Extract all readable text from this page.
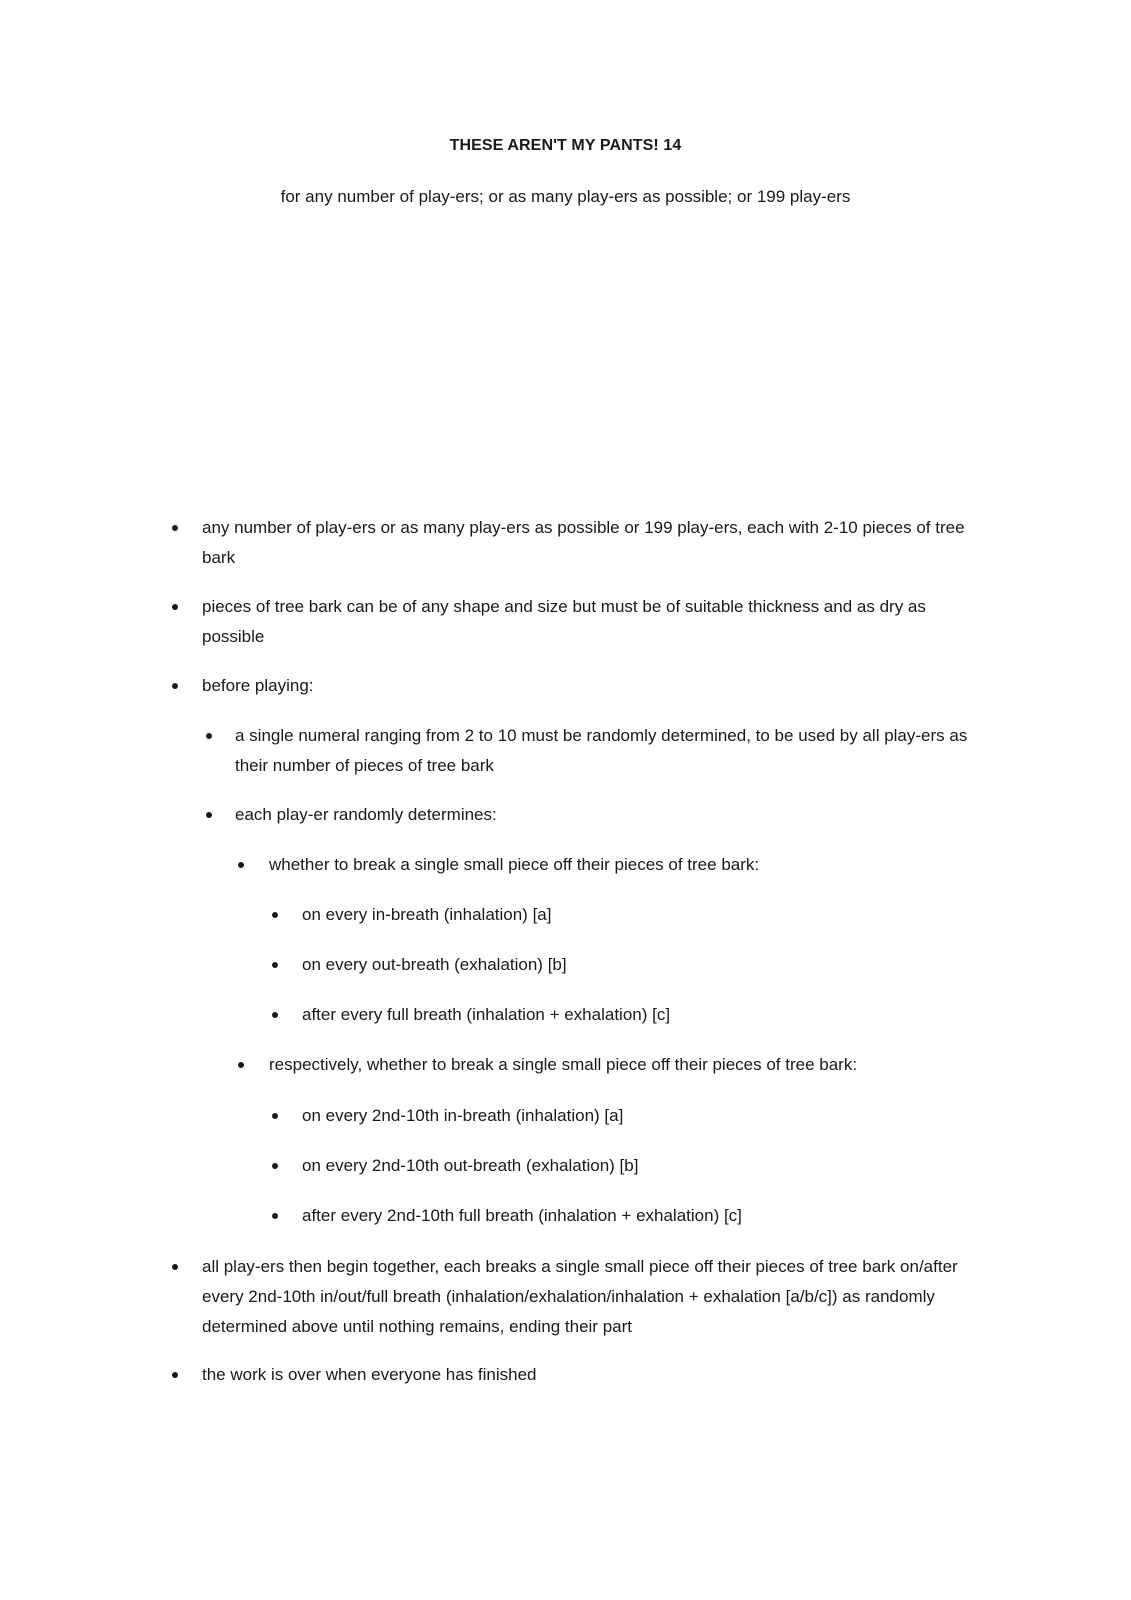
THESE AREN'T MY PANTS! 14
for any number of play-ers; or as many play-ers as possible; or 199 play-ers
any number of play-ers or as many play-ers as possible or 199 play-ers, each with 2-10 pieces of tree bark
pieces of tree bark can be of any shape and size but must be of suitable thickness and as dry as possible
before playing:
a single numeral ranging from 2 to 10 must be randomly determined, to be used by all play-ers as their number of pieces of tree bark
each play-er randomly determines:
whether to break a single small piece off their pieces of tree bark:
on every in-breath (inhalation) [a]
on every out-breath (exhalation) [b]
after every full breath (inhalation + exhalation) [c]
respectively, whether to break a single small piece off their pieces of tree bark:
on every 2nd-10th in-breath (inhalation) [a]
on every 2nd-10th out-breath (exhalation) [b]
after every 2nd-10th full breath (inhalation + exhalation) [c]
all play-ers then begin together, each breaks a single small piece off their pieces of tree bark on/after every 2nd-10th in/out/full breath (inhalation/exhalation/inhalation + exhalation [a/b/c]) as randomly determined above until nothing remains, ending their part
the work is over when everyone has finished
